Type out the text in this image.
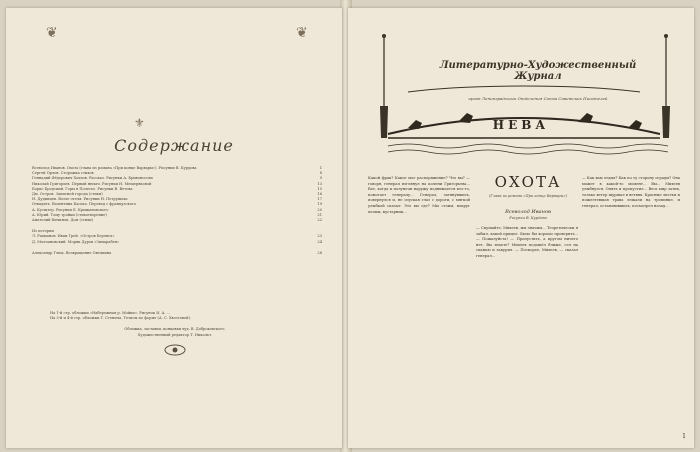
❦	❦
⚜
Содержание
Всеволод Иванов. Охота (глава из романа «При конце Варвары»). Рисунки В. Курдова	1
Сергей Орлов. Сторожка стихов	8
Геннадий Фёдорович Хохлов. Рассказ. Рисунки А. Кривоносова	9
Николай Григорьев. Первый нюхач. Рисунки Н. Мещеряковой	13
Борис Бродский. Горы в Полесье. Рисунки В. Ветова	15
Дм. Остров. Записной города (стихи)	16
Н. Дудинцев. Возле отеля. Рисунки Н. Петрушова	17
Отвадить. Валентина Басько. Перевод с французского	19
А. Кусштер. Рисунки Е. Крыжановского	20
А. Юрий. Тому тройки (стихотворение)	21
Анатолий Кичинов. Дом (стихи)	22
Из истории
Л. Рахманов. Иван Грей. «Остров Беренга»	23
Д. Молчановский. Моряк Дуров «Зимарабея»	24
Александр Глюк. Возвращение Овечкина	28
На 1-й стр. обложки «Набережная р. Мойки». Рисунок И. А. ...
На 3-й и 4-й стр. обложки Г. Стенича. Тезисы по форме (А. С. Хвостовой).
Обложка, заставки, концовки худ. В. Доброковского.
Художественный редактор Т. Никольт.
Литературно-Художественный Журнал
орган Ленинградского Отделения Союза Советских Писателей
НЕВА
Какой фрак? Какое мое распоряжение? Что вы? — говоря, генерал взглянул на колени Григорьева... Вот, когда к полуночи наружу поднимается кто-то, помогает генералу... Генерал, затянувшись, повернулся и, не спуская глаз с дороги, с мягкой улыбкой сказал: Это вы где? Мы стоим, вокруг холмы, кустарник...
ОХОТА
(Глава из романа «При конце Варвары»)
Всеволод Иванов
Рисунки В. Курдова
— Скушайте, Михеев, мы значим... Теоретически я забыл, какой прицел. Было бы хорошо проверить... — Пожалуйста! — Пропустить, а кругом ничего нет. Вы знаете? Михеев подошёл ближе, сел на скамью и закурил. — Поскорее, Михеев, — сказал генерал...
— Как вам отдых? Как по ту сторону ограды? Она может в какой-то момент... Вы... Михеев улыбнулся. Опять и пропустил... Весь мир затих, только ветер шуршал в ветвях. Красные листья и пожелтевшая трава лежали на тропинке, и генерал, остановившись, посмотрел назад...
1
